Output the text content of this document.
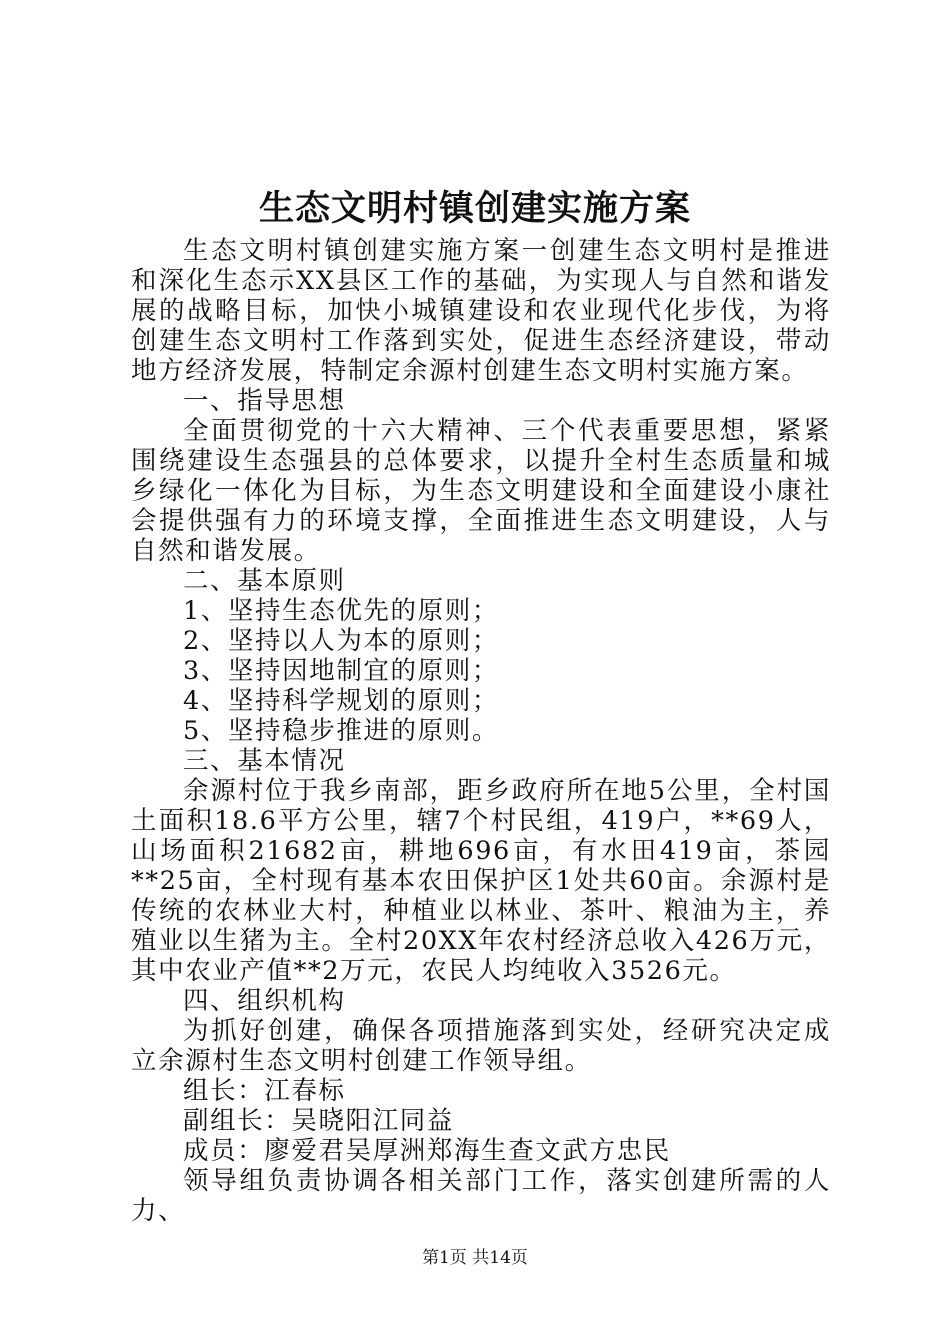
生态文明村镇创建实施方案

生态文明村镇创建实施方案一创建生态文明村是推进和深化生态示XX县区工作的基础，为实现人与自然和谐发展的战略目标，加快小城镇建设和农业现代化步伐，为将创建生态文明村工作落到实处，促进生态经济建设，带动地方经济发展，特制定余源村创建生态文明村实施方案。

一、指导思想

全面贯彻党的十六大精神、三个代表重要思想，紧紧围绕建设生态强县的总体要求，以提升全村生态质量和城乡绿化一体化为目标，为生态文明建设和全面建设小康社会提供强有力的环境支撑，全面推进生态文明建设，人与自然和谐发展。

二、基本原则

1、坚持生态优先的原则；

2、坚持以人为本的原则；

3、坚持因地制宜的原则；

4、坚持科学规划的原则；

5、坚持稳步推进的原则。

三、基本情况

余源村位于我乡南部，距乡政府所在地5公里，全村国土面积18.6平方公里，辖7个村民组，419户，**69人，山场面积21682亩，耕地696亩，有水田419亩，茶园**25亩，全村现有基本农田保护区1处共60亩。余源村是传统的农林业大村，种植业以林业、茶叶、粮油为主，养殖业以生猪为主。全村20XX年农村经济总收入426万元，其中农业产值**2万元，农民人均纯收入3526元。

四、组织机构

为抓好创建，确保各项措施落到实处，经研究决定成立余源村生态文明村创建工作领导组。

组长：江春标

副组长：吴晓阳江同益

成员：廖爱君吴厚洲郑海生查文武方忠民

领导组负责协调各相关部门工作，落实创建所需的人力、

第1页 共14页
